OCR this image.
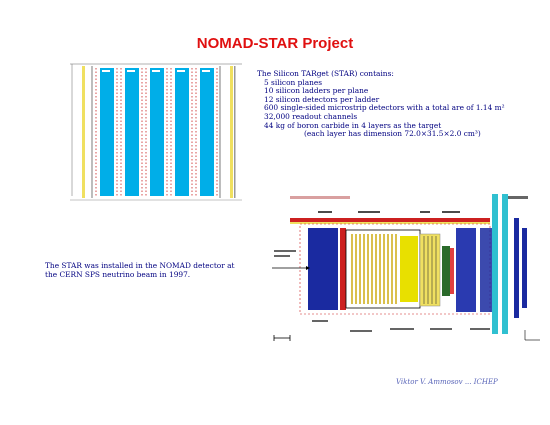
NOMAD-STAR Project
The Silicon TARget (STAR) contains:
5 silicon planes
10 silicon ladders per plane
12 silicon detectors per ladder
600 single-sided microstrip detectors with a total are of 1.14 m²
32,000 readout channels
44 kg of boron carbide in 4 layers as the target
(each layer has dimension 72.0×31.5×2.0 cm³)
The STAR was installed in the NOMAD detector at the CERN SPS neutrino beam in 1997.
Viktor V. Ammosov ... ICHEP
